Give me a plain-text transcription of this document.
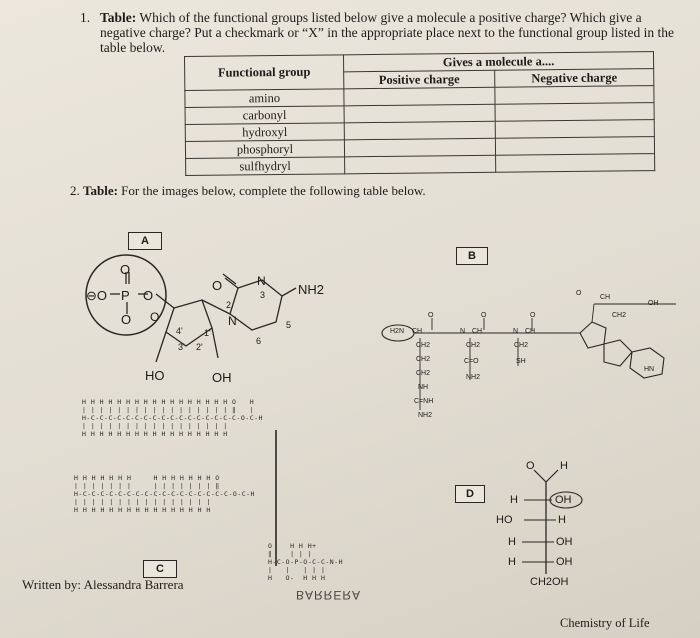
1. Table: Which of the functional groups listed below give a molecule a positive charge? Which give a negative charge? Put a checkmark or “X” in the appropriate place next to the functional group listed in the table below.
Functional group	Gives a molecule a....	
	Positive charge	Negative charge
amino		
carbonyl		
hydroxyl		
phosphoryl		
sulfhydryl		
2. Table: For the images below, complete the following table below.
A
B
C
D
O
P
⊖O	O
O O
O	N
N
NH2
4' 1'
3' 2'
2
3
5
6
HO	OH
H2N CH
O
N CH
O
N CH
O
CH2
CH2
CH2
NH
C=NH
NH2
CH2
C=O
NH2
CH2
SH
O
CH
OH
CH2
HN
H H H H H H H H H H H H H H H H H O   H
| | | | | | | | | | | | | | | | | ‖   |
H-C-C-C-C-C-C-C-C-C-C-C-C-C-C-C-C-C-O-C-H
| | | | | | | | | | | | | | | | |
H H H H H H H H H H H H H H H H H
H H H H H H H     H H H H H H H O
| | | | | | |     | | | | | | | ‖
H-C-C-C-C-C-C-C-C-C-C-C-C-C-C-C-C-C-O-C-H
| | | | | | | | | | | | | | | |
H H H H H H H H H H H H H H H H
O    H H H+
‖    | | |
H-C-O-P-O-C-C-N-H
|   |   | | |
H   O-  H H H
O H
H	OH
HO	H
H	OH
H	OH
CH2OH
Written by: Alessandra Barrera
BARRERA
Chemistry of Life
